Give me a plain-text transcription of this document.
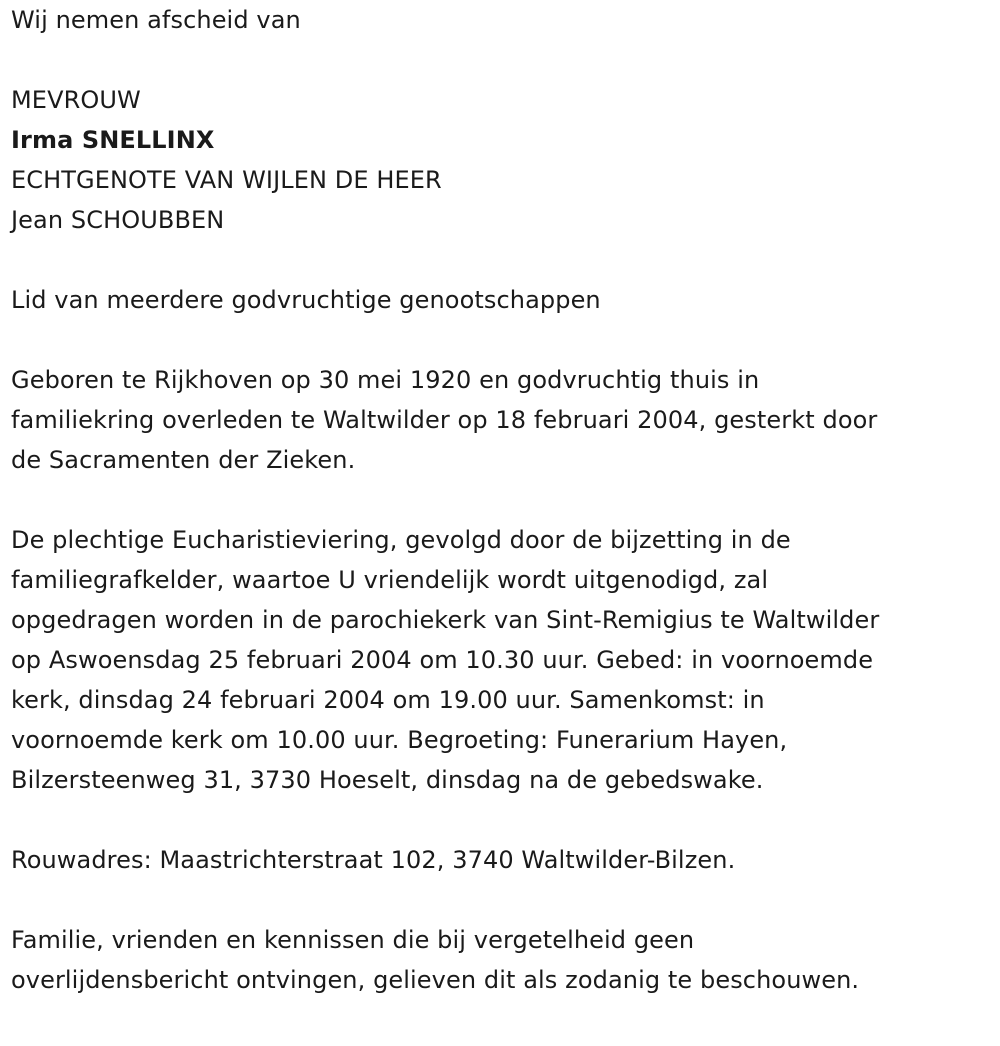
Wij nemen afscheid van
MEVROUW
Irma SNELLINX
ECHTGENOTE VAN WIJLEN DE HEER
Jean SCHOUBBEN
Lid van meerdere godvruchtige genootschappen
Geboren te Rijkhoven op 30 mei 1920 en godvruchtig thuis in
familiekring overleden te Waltwilder op 18 februari 2004, gesterkt door
de Sacramenten der Zieken.
De plechtige Eucharistieviering, gevolgd door de bijzetting in de
familiegrafkelder, waartoe U vriendelijk wordt uitgenodigd, zal
opgedragen worden in de parochiekerk van Sint-Remigius te Waltwilder
op Aswoensdag 25 februari 2004 om 10.30 uur. Gebed: in voornoemde
kerk, dinsdag 24 februari 2004 om 19.00 uur. Samenkomst: in
voornoemde kerk om 10.00 uur. Begroeting: Funerarium Hayen,
Bilzersteenweg 31, 3730 Hoeselt, dinsdag na de gebedswake.
Rouwadres: Maastrichterstraat 102, 3740 Waltwilder-Bilzen.
Familie, vrienden en kennissen die bij vergetelheid geen
overlijdensbericht ontvingen, gelieven dit als zodanig te beschouwen.
